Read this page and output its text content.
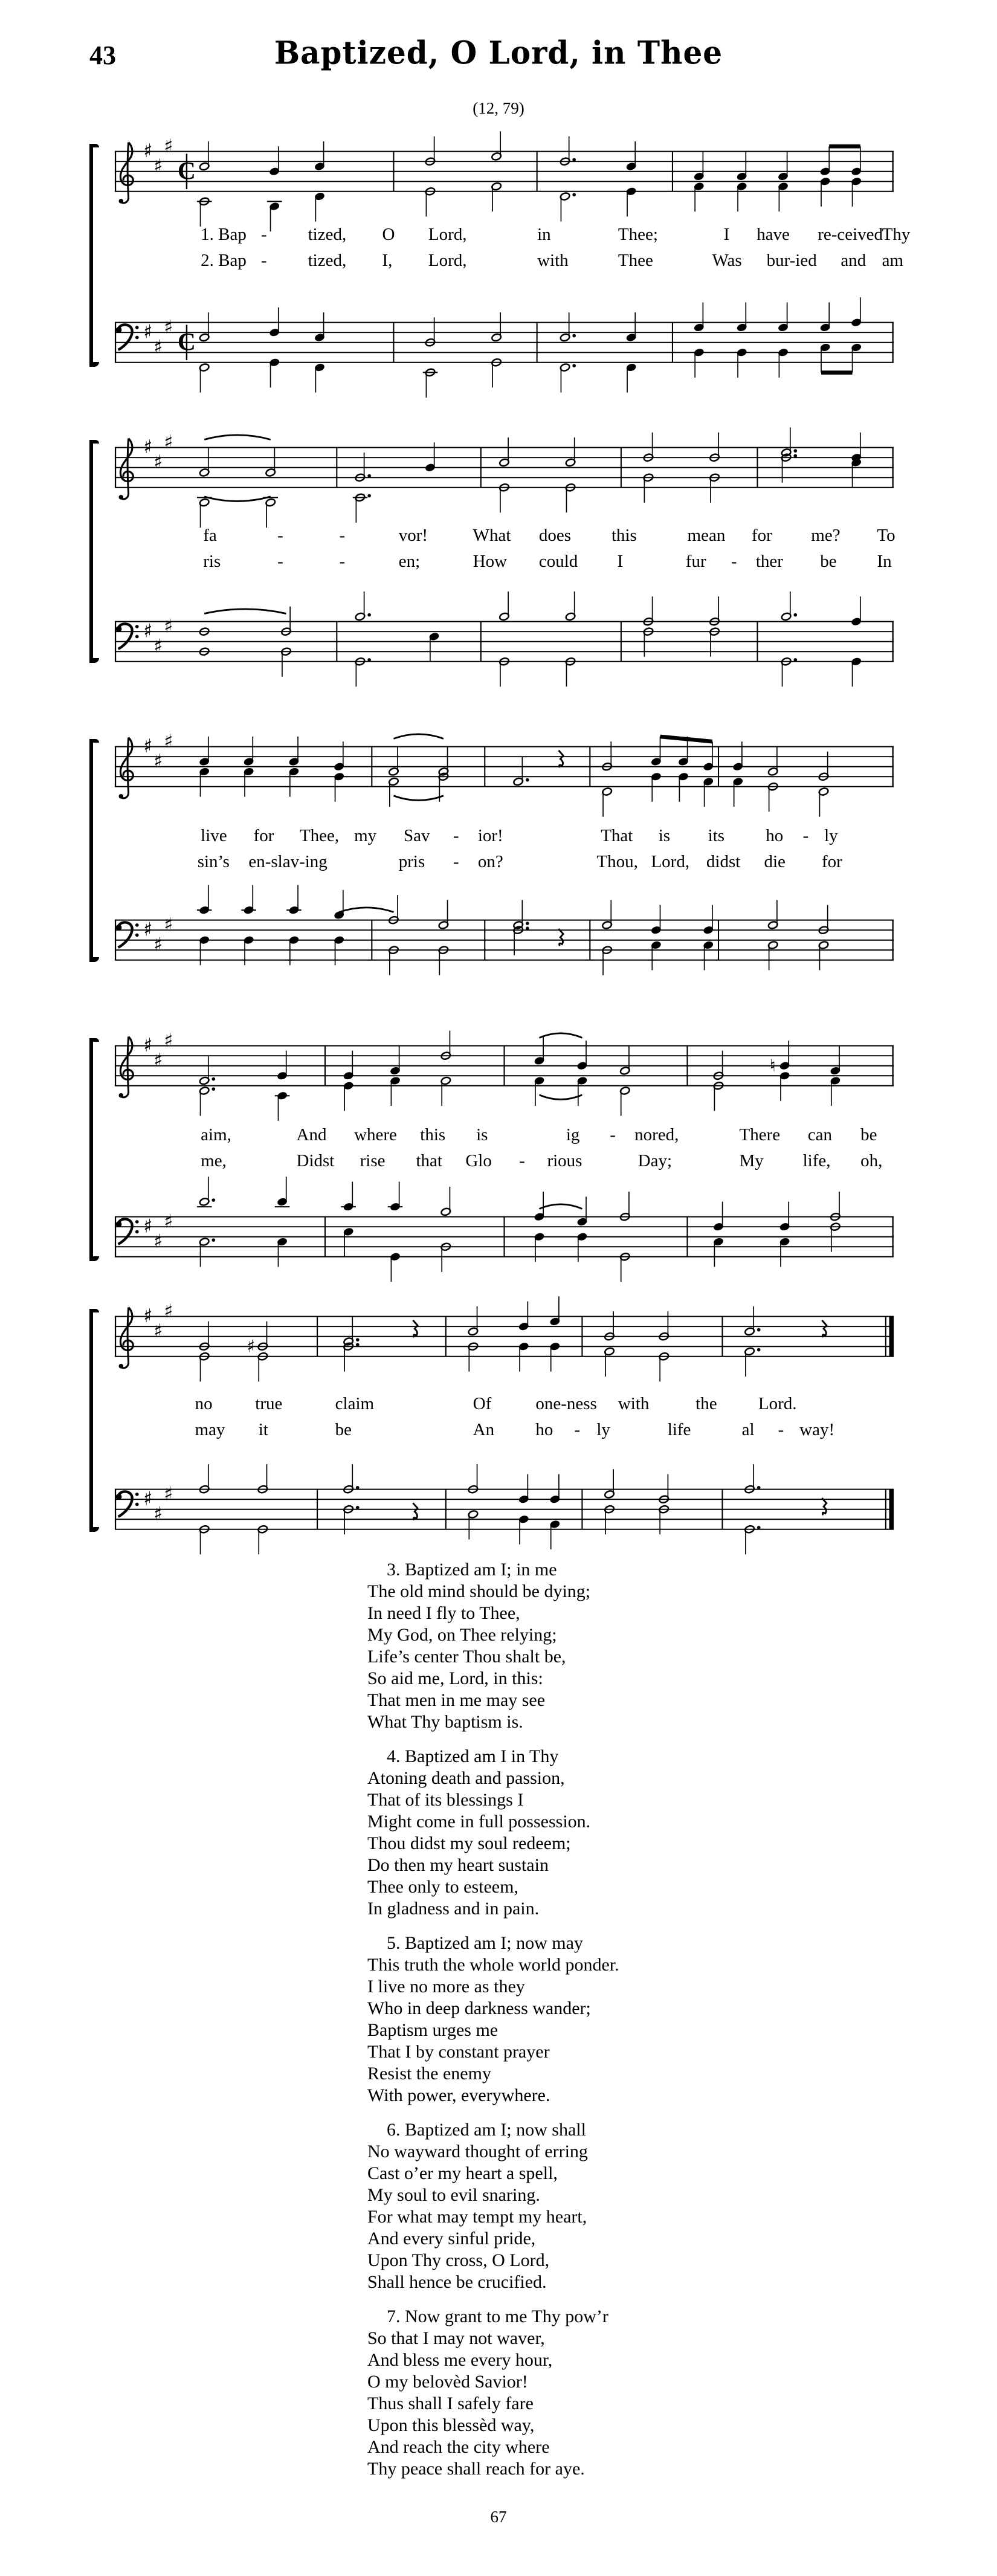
43	Baptized, O Lord, in Thee
(12, 79)
♯
♯
♯
C
1. Bap - tized, O Lord,	in	Thee;	I have re-ceived
Thy
2. Bap - tized, I, Lord,	with	Thee	Was bur-ied and am
♯
♯
♯
C
♯
♯
♯
fa	-	-	vor!	What does this	mean for me? To
ris	-	-	en;	How could I	fur - ther be In
♯
♯
♯
♯
♯
♯
live for Thee, my Sav - ior!	That is its ho - ly
sin’s en-slav-ing	pris - on?	Thou, Lord, didst die for
♯
♯
♯
♯
♯
♯
♮
aim,	And where this is	ig - nored,	There can be
me,	Didst rise that Glo - rious	Day;	My life, oh,
♯
♯
♯
♯
♯
♯
♯
no true	claim	Of	one-ness with	the Lord.
may it	be	An ho - ly	life	al - way!
♯
♯
♯
3. Baptized am I; in me
The old mind should be dying;
In need I fly to Thee,
My God, on Thee relying;
Life’s center Thou shalt be,
So aid me, Lord, in this:
That men in me may see
What Thy baptism is.
4. Baptized am I in Thy
Atoning death and passion,
That of its blessings I
Might come in full possession.
Thou didst my soul redeem;
Do then my heart sustain
Thee only to esteem,
In gladness and in pain.
5. Baptized am I; now may
This truth the whole world ponder.
I live no more as they
Who in deep darkness wander;
Baptism urges me
That I by constant prayer
Resist the enemy
With power, everywhere.
6. Baptized am I; now shall
No wayward thought of erring
Cast o’er my heart a spell,
My soul to evil snaring.
For what may tempt my heart,
And every sinful pride,
Upon Thy cross, O Lord,
Shall hence be crucified.
7. Now grant to me Thy pow’r
So that I may not waver,
And bless me every hour,
O my belovèd Savior!
Thus shall I safely fare
Upon this blessèd way,
And reach the city where
Thy peace shall reach for aye.
67
